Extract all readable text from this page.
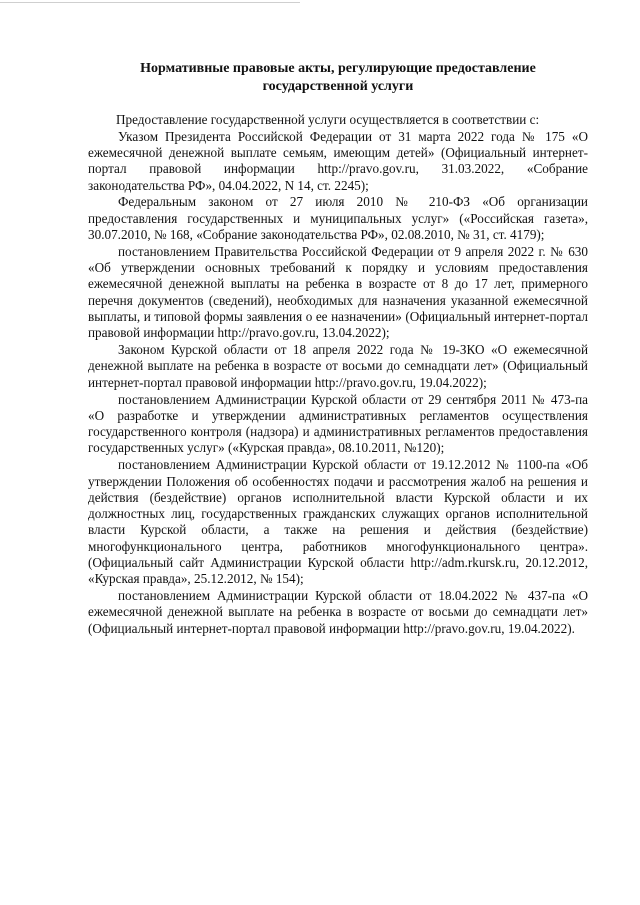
Нормативные правовые акты, регулирующие предоставление
государственной услуги

Предоставление государственной услуги осуществляется в соответствии с:

Указом Президента Российской Федерации от 31 марта 2022 года № 175 «О ежемесячной денежной выплате семьям, имеющим детей» (Официальный интернет-портал правовой информации http://pravo.gov.ru, 31.03.2022, «Собрание законодательства РФ», 04.04.2022, N 14, ст. 2245);

Федеральным законом от 27 июля 2010 № 210-ФЗ «Об организации предоставления государственных и муниципальных услуг» («Российская газета», 30.07.2010, № 168, «Собрание законодательства РФ», 02.08.2010, № 31, ст. 4179);

постановлением Правительства Российской Федерации от 9 апреля 2022 г. № 630 «Об утверждении основных требований к порядку и условиям предоставления ежемесячной денежной выплаты на ребенка в возрасте от 8 до 17 лет, примерного перечня документов (сведений), необходимых для назначения указанной ежемесячной выплаты, и типовой формы заявления о ее назначении» (Официальный интернет-портал правовой информации http://pravo.gov.ru, 13.04.2022);

Законом Курской области от 18 апреля 2022 года № 19-ЗКО «О ежемесячной денежной выплате на ребенка в возрасте от восьми до семнадцати лет» (Официальный интернет-портал правовой информации http://pravo.gov.ru, 19.04.2022);

постановлением Администрации Курской области от 29 сентября 2011 № 473-па «О разработке и утверждении административных регламентов осуществления государственного контроля (надзора) и административных регламентов предоставления государственных услуг» («Курская правда», 08.10.2011, №120);

постановлением Администрации Курской области от 19.12.2012 № 1100-па «Об утверждении Положения об особенностях подачи и рассмотрения жалоб на решения и действия (бездействие) органов исполнительной власти Курской области и их должностных лиц, государственных гражданских служащих органов исполнительной власти Курской области, а также на решения и действия (бездействие) многофункционального центра, работников многофункционального центра». (Официальный сайт Администрации Курской области http://adm.rkursk.ru, 20.12.2012, «Курская правда», 25.12.2012, № 154);

постановлением Администрации Курской области от 18.04.2022 № 437-па «О ежемесячной денежной выплате на ребенка в возрасте от восьми до семнадцати лет» (Официальный интернет-портал правовой информации http://pravo.gov.ru, 19.04.2022).
